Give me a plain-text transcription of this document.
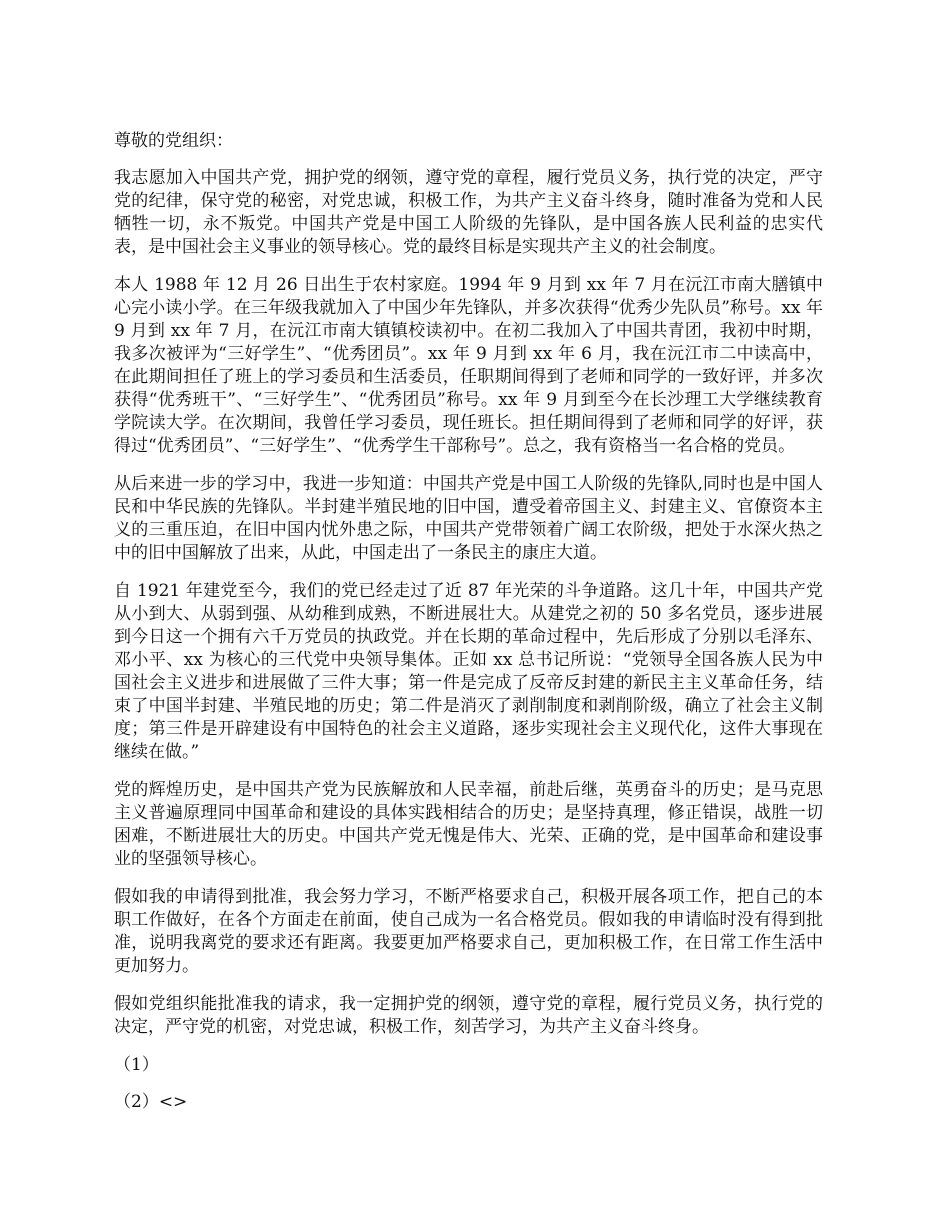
尊敬的党组织：

我志愿加入中国共产党，拥护党的纲领，遵守党的章程，履行党员义务，执行党的决定，严守党的纪律，保守党的秘密，对党忠诚，积极工作，为共产主义奋斗终身，随时准备为党和人民牺牲一切，永不叛党。中国共产党是中国工人阶级的先锋队，是中国各族人民利益的忠实代表，是中国社会主义事业的领导核心。党的最终目标是实现共产主义的社会制度。

本人 1988 年 12 月 26 日出生于农村家庭。1994 年 9 月到 xx 年 7 月在沅江市南大膳镇中心完小读小学。在三年级我就加入了中国少年先锋队，并多次获得“优秀少先队员”称号。xx 年 9 月到 xx 年 7 月，在沅江市南大镇镇校读初中。在初二我加入了中国共青团，我初中时期，我多次被评为“三好学生”、“优秀团员”。xx 年 9 月到 xx 年 6 月，我在沅江市二中读高中，在此期间担任了班上的学习委员和生活委员，任职期间得到了老师和同学的一致好评，并多次获得“优秀班干”、“三好学生”、“优秀团员”称号。xx 年 9 月到至今在长沙理工大学继续教育学院读大学。在次期间，我曾任学习委员，现任班长。担任期间得到了老师和同学的好评，获得过“优秀团员”、“三好学生”、“优秀学生干部称号”。总之，我有资格当一名合格的党员。

从后来进一步的学习中，我进一步知道：中国共产党是中国工人阶级的先锋队,同时也是中国人民和中华民族的先锋队。半封建半殖民地的旧中国，遭受着帝国主义、封建主义、官僚资本主义的三重压迫，在旧中国内忧外患之际，中国共产党带领着广阔工农阶级，把处于水深火热之中的旧中国解放了出来，从此，中国走出了一条民主的康庄大道。

自 1921 年建党至今，我们的党已经走过了近 87 年光荣的斗争道路。这几十年，中国共产党从小到大、从弱到强、从幼稚到成熟，不断进展壮大。从建党之初的 50 多名党员，逐步进展到今日这一个拥有六千万党员的执政党。并在长期的革命过程中，先后形成了分别以毛泽东、邓小平、xx 为核心的三代党中央领导集体。正如 xx 总书记所说：“党领导全国各族人民为中国社会主义进步和进展做了三件大事；第一件是完成了反帝反封建的新民主主义革命任务，结束了中国半封建、半殖民地的历史；第二件是消灭了剥削制度和剥削阶级，确立了社会主义制度；第三件是开辟建设有中国特色的社会主义道路，逐步实现社会主义现代化，这件大事现在继续在做。”

党的辉煌历史，是中国共产党为民族解放和人民幸福，前赴后继，英勇奋斗的历史；是马克思主义普遍原理同中国革命和建设的具体实践相结合的历史；是坚持真理，修正错误，战胜一切困难，不断进展壮大的历史。中国共产党无愧是伟大、光荣、正确的党，是中国革命和建设事业的坚强领导核心。

假如我的申请得到批准，我会努力学习，不断严格要求自己，积极开展各项工作，把自己的本职工作做好，在各个方面走在前面，使自己成为一名合格党员。假如我的申请临时没有得到批准，说明我离党的要求还有距离。我要更加严格要求自己，更加积极工作，在日常工作生活中更加努力。

假如党组织能批准我的请求，我一定拥护党的纲领，遵守党的章程，履行党员义务，执行党的决定，严守党的机密，对党忠诚，积极工作，刻苦学习，为共产主义奋斗终身。

（1）

（2）<>
